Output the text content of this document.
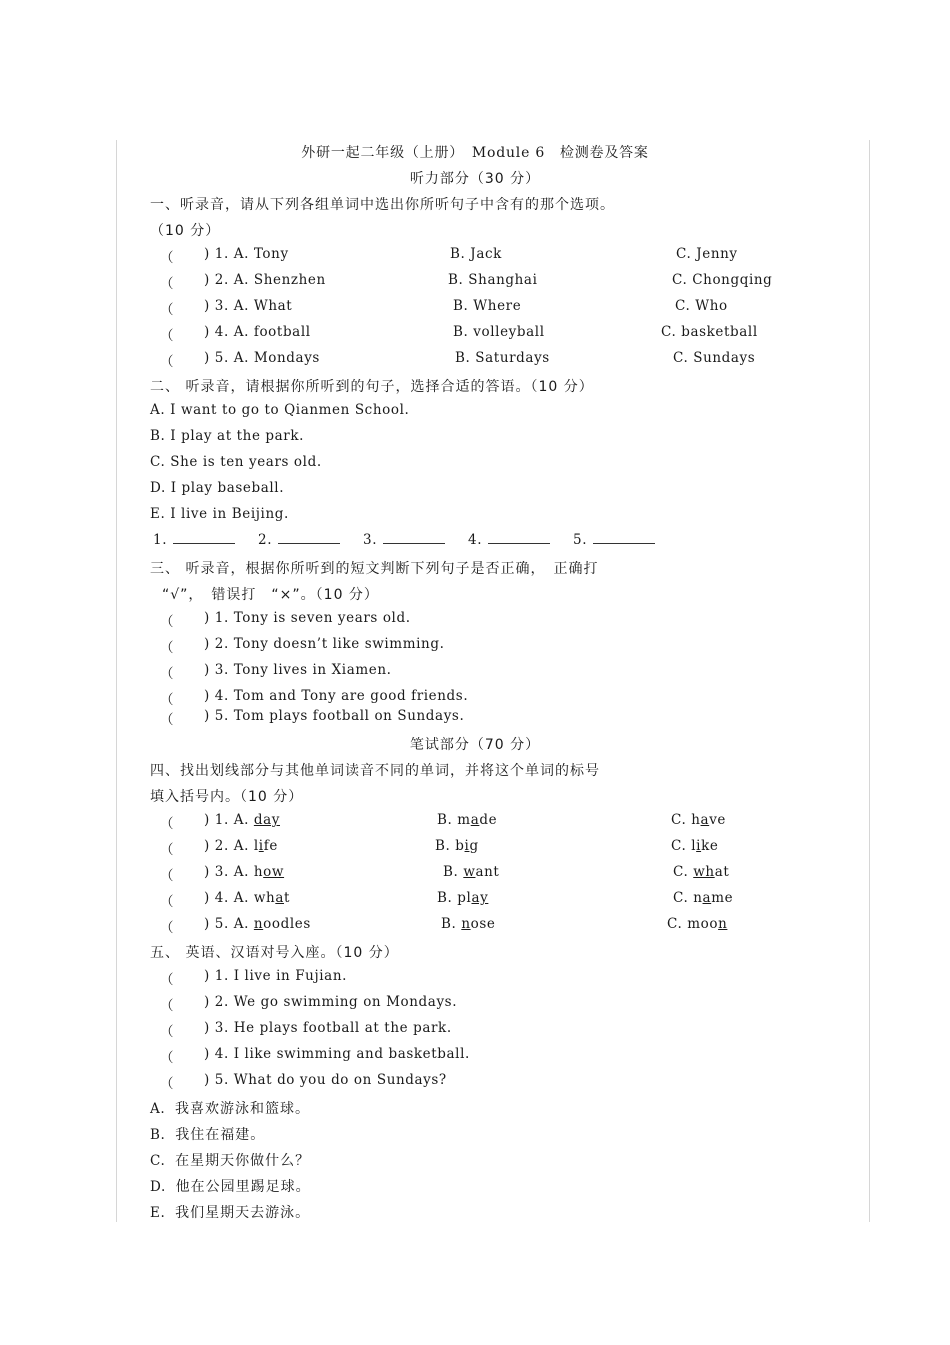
外研一起二年级（上册）　Module 6　检测卷及答案
听力部分（30 分）
一、听录音，请从下列各组单词中选出你所听句子中含有的那个选项。
（10 分）
（ ) 1. A. Tony	B. Jack	C. Jenny
（ ) 2. A. Shenzhen	B. Shanghai	C. Chongqing
（ ) 3. A. What	B. Where	C. Who
（ ) 4. A. football	B. volleyball	C. basketball
（ ) 5. A. Mondays	B. Saturdays	C. Sundays
二、 听录音，请根据你所听到的句子，选择合适的答语。（10 分）
A. I want to go to Qianmen School.
B. I play at the park.
C. She is ten years old.
D. I play baseball.
E. I live in Beijing.
1.	2.	3.	4.	5.
三、 听录音，根据你所听到的短文判断下列句子是否正确，　正确打
“√”，　错误打　“×”。（10 分）
（ ) 1. Tony is seven years old.
（ ) 2. Tony doesn’t like swimming.
（ ) 3. Tony lives in Xiamen.
（ ) 4. Tom and Tony are good friends.
（ ) 5. Tom plays football on Sundays.
笔试部分（70 分）
四、找出划线部分与其他单词读音不同的单词，并将这个单词的标号
填入括号内。（10 分）
（ ) 1. A. day	B. made	C. have
（ ) 2. A. life	B. big	C. like
（ ) 3. A. how	B. want	C. what
（ ) 4. A. what	B. play	C. name
（ ) 5. A. noodles	B. nose	C. moon
五、 英语、汉语对号入座。（10 分）
（ ) 1. I live in Fujian.
（ ) 2. We go swimming on Mondays.
（ ) 3. He plays football at the park.
（ ) 4. I like swimming and basketball.
（ ) 5. What do you do on Sundays?
A. 我喜欢游泳和篮球。
B. 我住在福建。
C. 在星期天你做什么？
D. 他在公园里踢足球。
E. 我们星期天去游泳。
